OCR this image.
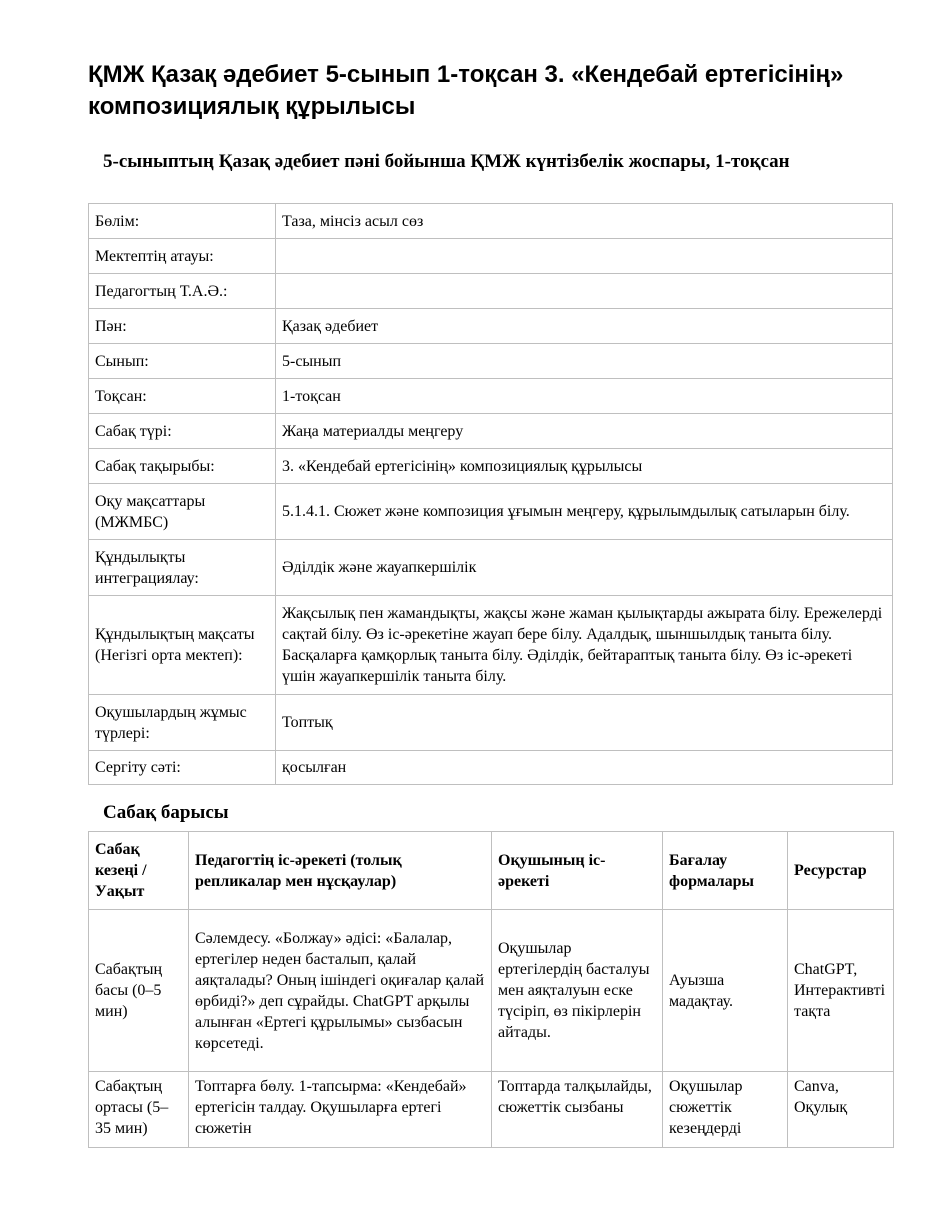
ҚМЖ Қазақ әдебиет 5-сынып 1-тоқсан 3. «Кендебай ертегісінің» композициялық құрылысы
5-сыныптың Қазақ әдебиет пәні бойынша ҚМЖ күнтізбелік жоспары, 1-тоқсан
Бөлім:	Таза, мінсіз асыл сөз
Мектептің атауы:	
Педагогтың Т.А.Ә.:	
Пән:	Қазақ әдебиет
Сынып:	5-сынып
Тоқсан:	1-тоқсан
Сабақ түрі:	Жаңа материалды меңгеру
Сабақ тақырыбы:	3. «Кендебай ертегісінің» композициялық құрылысы
Оқу мақсаттары (МЖМБС)	5.1.4.1. Сюжет және композиция ұғымын меңгеру, құрылымдылық сатыларын білу.
Құндылықты интеграциялау:	Әділдік және жауапкершілік
Құндылықтың мақсаты (Негізгі орта мектеп):	Жақсылық пен жамандықты, жақсы және жаман қылықтарды ажырата білу. Ережелерді сақтай білу. Өз іс-әрекетіне жауап бере білу. Адалдық, шыншылдық таныта білу. Басқаларға қамқорлық таныта білу. Әділдік, бейтараптық таныта білу. Өз іс-әрекеті үшін жауапкершілік таныта білу.
Оқушылардың жұмыс түрлері:	Топтық
Сергіту сәті:	қосылған
Сабақ барысы
Сабақ кезеңі / Уақыт	Педагогтің іс-әрекеті (толық репликалар мен нұсқаулар)	Оқушының іс-әрекеті	Бағалау формалары	Ресурстар
Сабақтың басы (0–5 мин)	Сәлемдесу. «Болжау» әдісі: «Балалар, ертегілер неден басталып, қалай аяқталады? Оның ішіндегі оқиғалар қалай өрбиді?» деп сұрайды. ChatGPT арқылы алынған «Ертегі құрылымы» сызбасын көрсетеді.	Оқушылар ертегілердің басталуы мен аяқталуын еске түсіріп, өз пікірлерін айтады.	Ауызша мадақтау.	ChatGPT, Интерактивті тақта
Сабақтың ортасы (5–35 мин)	Топтарға бөлу. 1-тапсырма: «Кендебай» ертегісін талдау. Оқушыларға ертегі сюжетін	Топтарда талқылайды, сюжеттік сызбаны	Оқушылар сюжеттік кезеңдерді	Canva, Оқулық
